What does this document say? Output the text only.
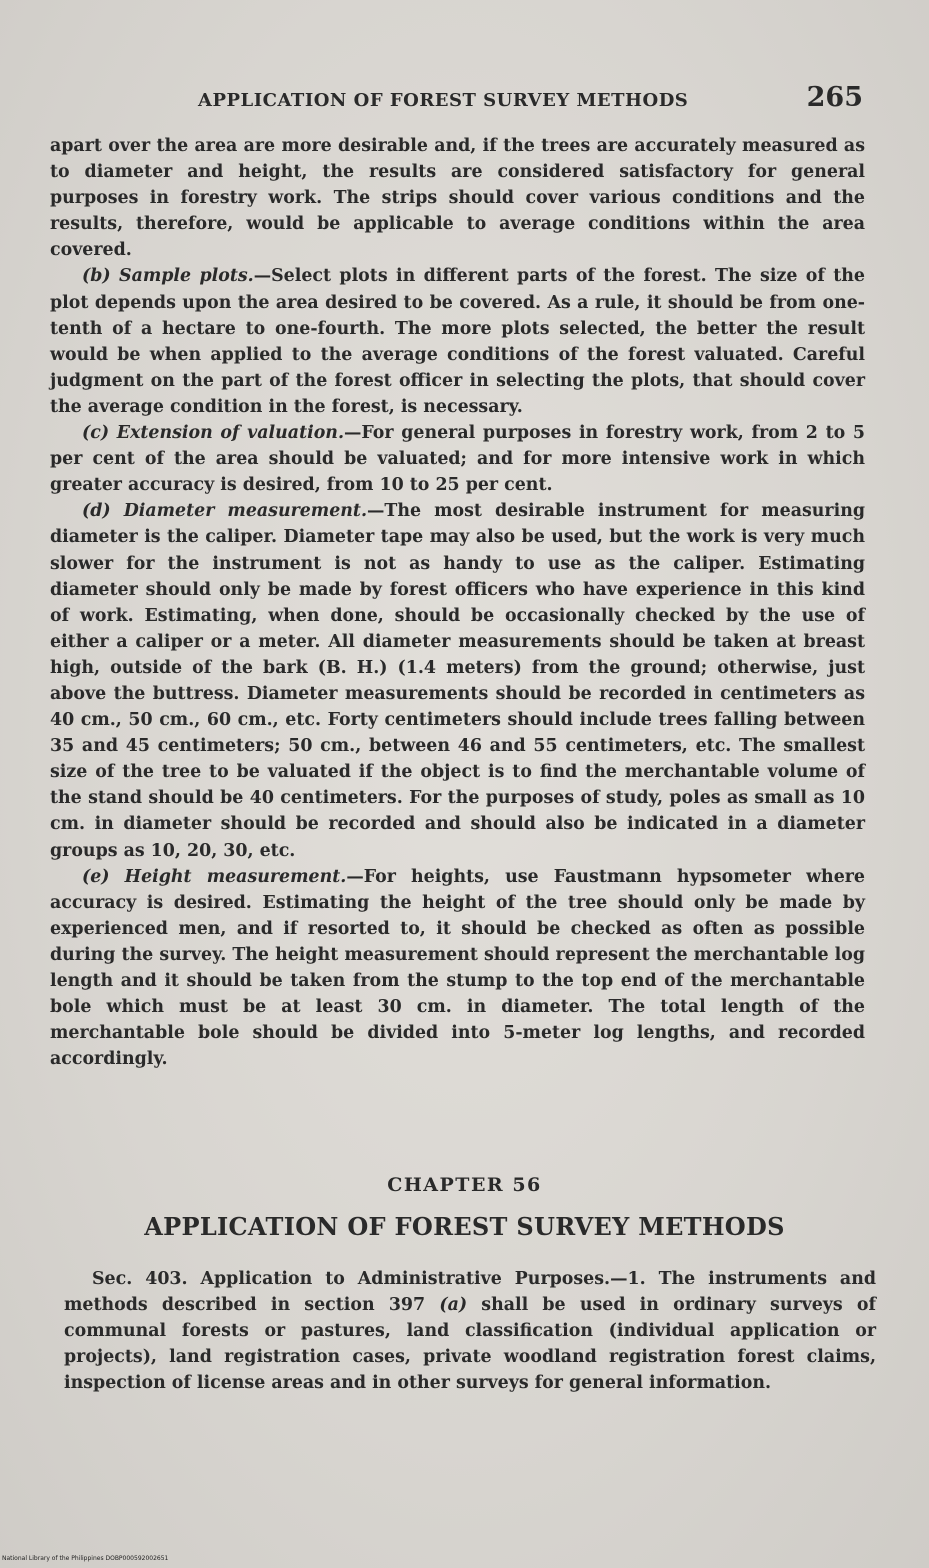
APPLICATION OF FOREST SURVEY METHODS	265

apart over the area are more desirable and, if the trees are accurately measured as to diameter and height, the results are considered satisfactory for general purposes in forestry work. The strips should cover various conditions and the results, therefore, would be applicable to average conditions within the area covered.

(b) Sample plots.—Select plots in different parts of the forest. The size of the plot depends upon the area desired to be covered. As a rule, it should be from one-tenth of a hectare to one-fourth. The more plots selected, the better the result would be when applied to the average conditions of the forest valuated. Careful judgment on the part of the forest officer in selecting the plots, that should cover the average condition in the forest, is necessary.

(c) Extension of valuation.—For general purposes in forestry work, from 2 to 5 per cent of the area should be valuated; and for more intensive work in which greater accuracy is desired, from 10 to 25 per cent.

(d) Diameter measurement.—The most desirable instrument for measuring diameter is the caliper. Diameter tape may also be used, but the work is very much slower for the instrument is not as handy to use as the caliper. Estimating diameter should only be made by forest officers who have experience in this kind of work. Estimating, when done, should be occasionally checked by the use of either a caliper or a meter. All diameter measurements should be taken at breast high, outside of the bark (B. H.) (1.4 meters) from the ground; otherwise, just above the buttress. Diameter measurements should be recorded in centimeters as 40 cm., 50 cm., 60 cm., etc. Forty centimeters should include trees falling between 35 and 45 centimeters; 50 cm., between 46 and 55 centimeters, etc. The smallest size of the tree to be valuated if the object is to find the merchantable volume of the stand should be 40 centimeters. For the purposes of study, poles as small as 10 cm. in diameter should be recorded and should also be indicated in a diameter groups as 10, 20, 30, etc.

(e) Height measurement.—For heights, use Faustmann hypsometer where accuracy is desired. Estimating the height of the tree should only be made by experienced men, and if resorted to, it should be checked as often as possible during the survey. The height measurement should represent the merchantable log length and it should be taken from the stump to the top end of the merchantable bole which must be at least 30 cm. in diameter. The total length of the merchantable bole should be divided into 5-meter log lengths, and recorded accordingly.

CHAPTER 56
APPLICATION OF FOREST SURVEY METHODS

Sec. 403. Application to Administrative Purposes.—1. The instruments and methods described in section 397 (a) shall be used in ordinary surveys of communal forests or pastures, land classification (individual application or projects), land registration cases, private woodland registration forest claims, inspection of license areas and in other surveys for general information.

National Library of the Philippines DOBP000592002651
